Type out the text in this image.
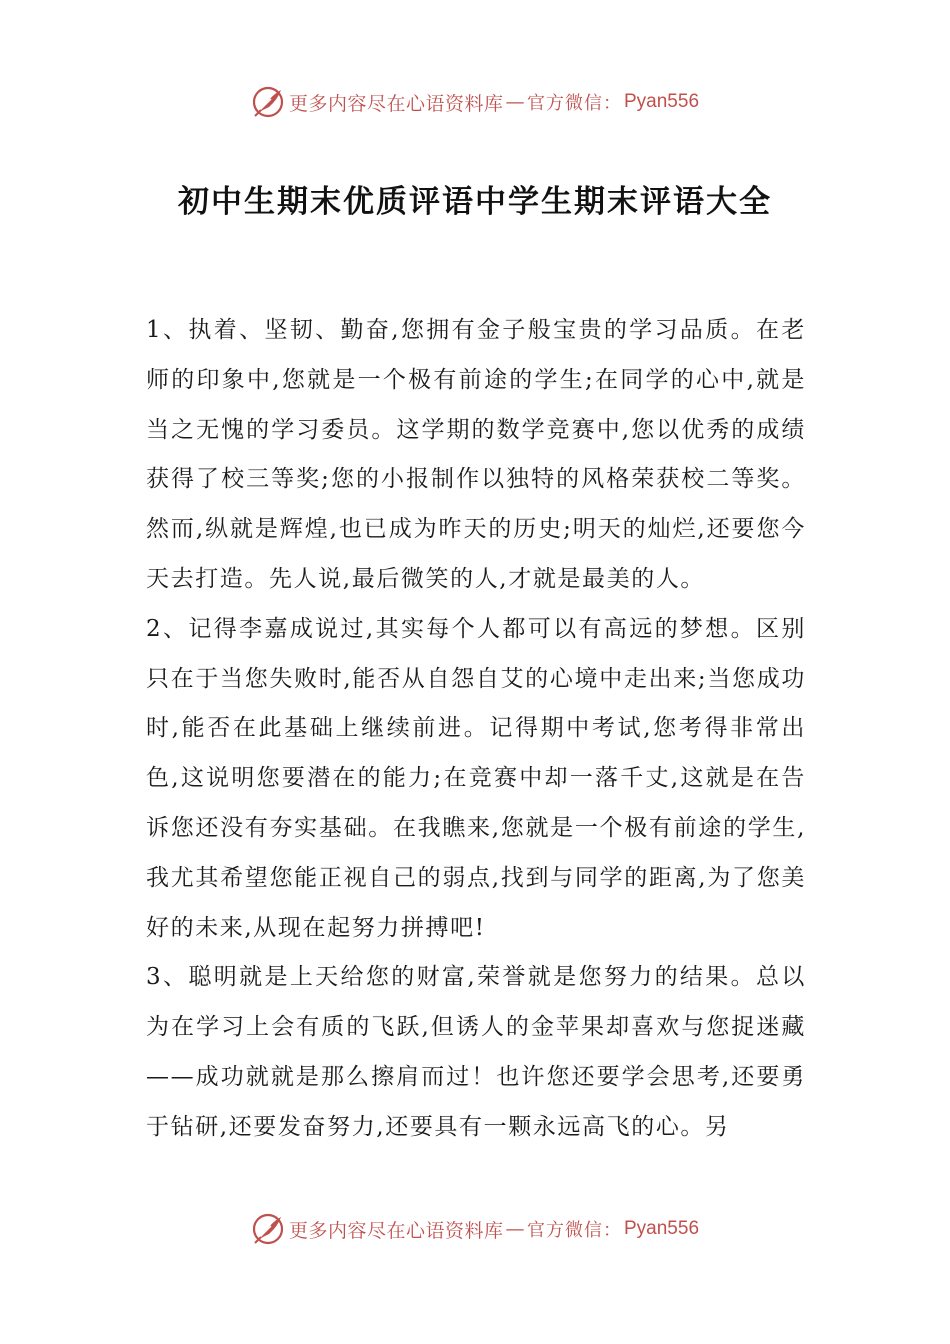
更多内容尽在心语资料库 — 官方微信： Pyan556
初中生期末优质评语中学生期末评语大全

1、执着、坚韧、勤奋,您拥有金子般宝贵的学习品质。在老师的印象中,您就是一个极有前途的学生;在同学的心中,就是当之无愧的学习委员。这学期的数学竞赛中,您以优秀的成绩获得了校三等奖;您的小报制作以独特的风格荣获校二等奖。然而,纵就是辉煌,也已成为昨天的历史;明天的灿烂,还要您今天去打造。先人说,最后微笑的人,才就是最美的人。

2、记得李嘉成说过,其实每个人都可以有高远的梦想。区别只在于当您失败时,能否从自怨自艾的心境中走出来;当您成功时,能否在此基础上继续前进。记得期中考试,您考得非常出色,这说明您要潜在的能力;在竞赛中却一落千丈,这就是在告诉您还没有夯实基础。在我瞧来,您就是一个极有前途的学生,我尤其希望您能正视自己的弱点,找到与同学的距离,为了您美好的未来,从现在起努力拼搏吧!

3、聪明就是上天给您的财富,荣誉就是您努力的结果。总以为在学习上会有质的飞跃,但诱人的金苹果却喜欢与您捉迷藏——成功就就是那么擦肩而过！也许您还要学会思考,还要勇于钻研,还要发奋努力,还要具有一颗永远高飞的心。另

更多内容尽在心语资料库 — 官方微信： Pyan556
